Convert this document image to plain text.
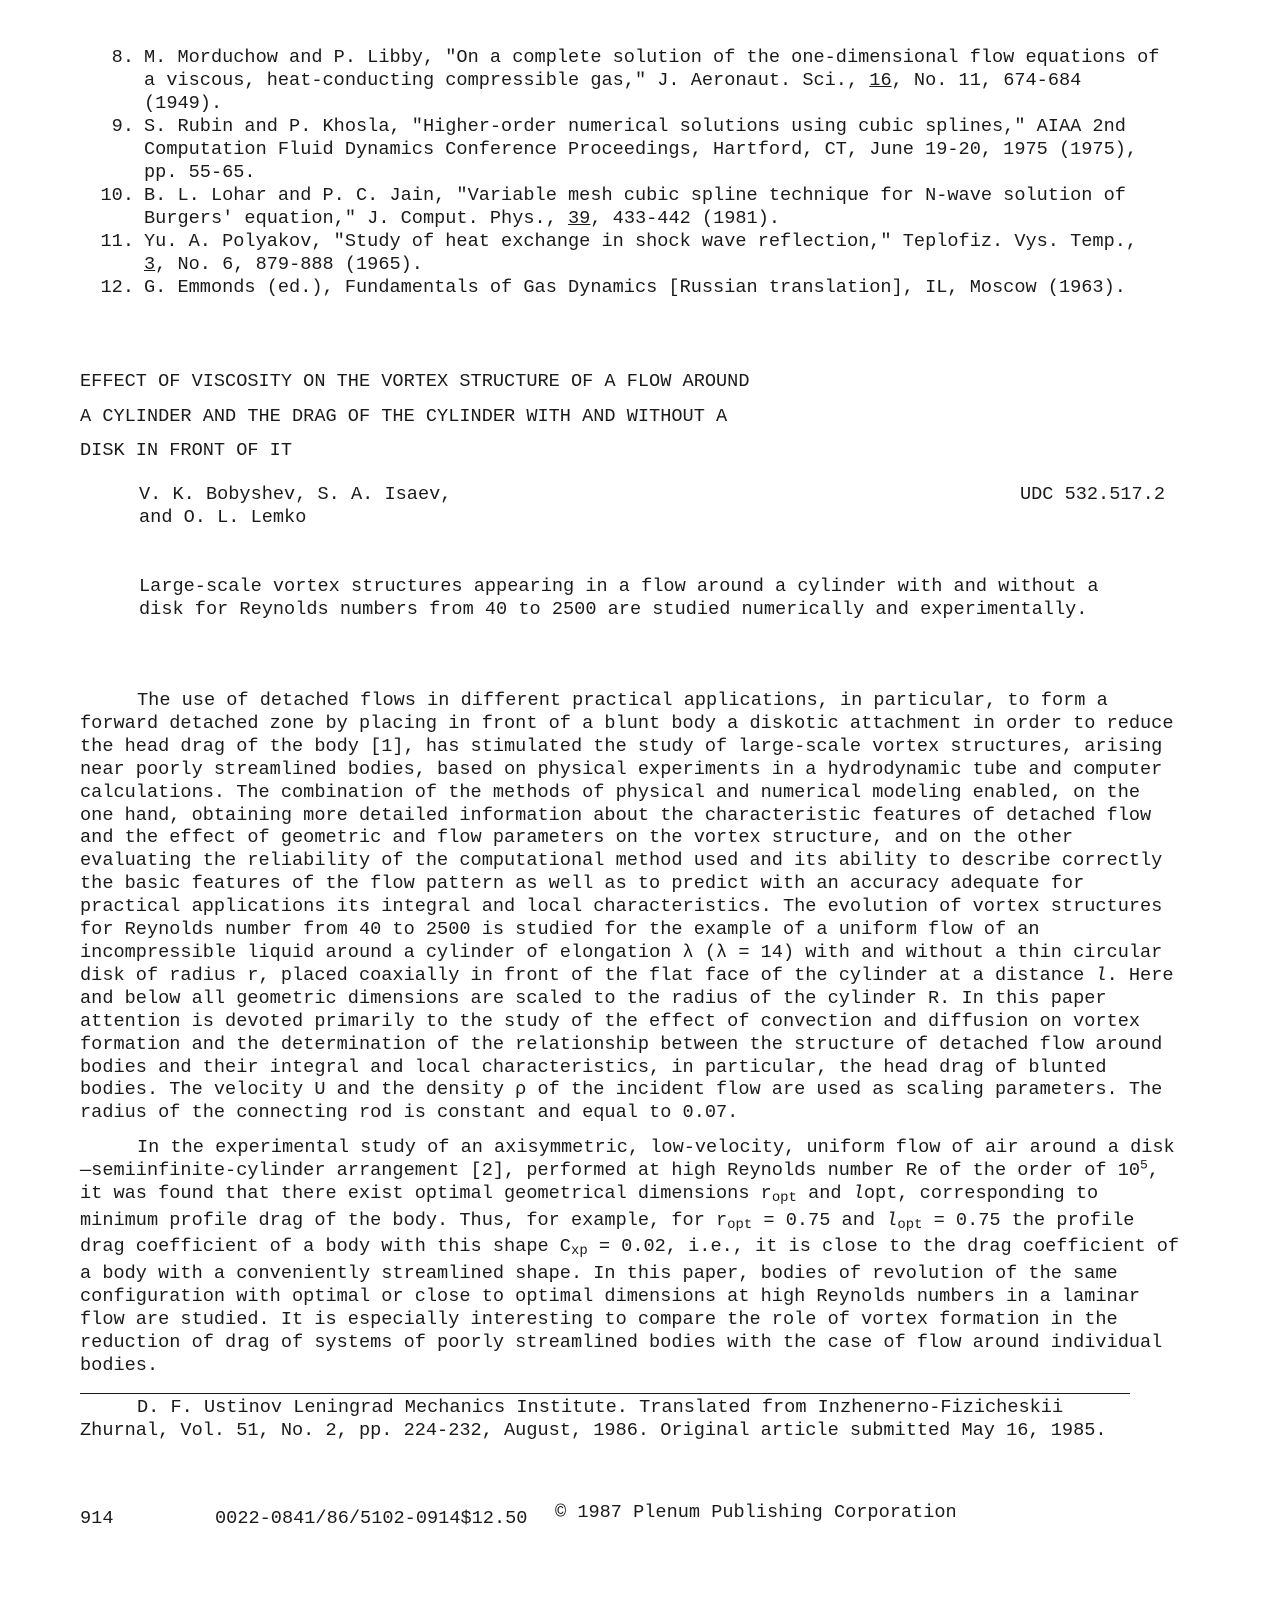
8. M. Morduchow and P. Libby, "On a complete solution of the one-dimensional flow equations of a viscous, heat-conducting compressible gas," J. Aeronaut. Sci., 16, No. 11, 674-684 (1949).
9. S. Rubin and P. Khosla, "Higher-order numerical solutions using cubic splines," AIAA 2nd Computation Fluid Dynamics Conference Proceedings, Hartford, CT, June 19-20, 1975 (1975), pp. 55-65.
10. B. L. Lohar and P. C. Jain, "Variable mesh cubic spline technique for N-wave solution of Burgers' equation," J. Comput. Phys., 39, 433-442 (1981).
11. Yu. A. Polyakov, "Study of heat exchange in shock wave reflection," Teplofiz. Vys. Temp., 3, No. 6, 879-888 (1965).
12. G. Emmonds (ed.), Fundamentals of Gas Dynamics [Russian translation], IL, Moscow (1963).
EFFECT OF VISCOSITY ON THE VORTEX STRUCTURE OF A FLOW AROUND
A CYLINDER AND THE DRAG OF THE CYLINDER WITH AND WITHOUT A
DISK IN FRONT OF IT
V. K. Bobyshev, S. A. Isaev,
and O. L. Lemko
UDC 532.517.2
Large-scale vortex structures appearing in a flow around a cylinder with and without a disk for Reynolds numbers from 40 to 2500 are studied numerically and experimentally.

The use of detached flows in different practical applications, in particular, to form a forward detached zone by placing in front of a blunt body a diskotic attachment in order to reduce the head drag of the body [1], has stimulated the study of large-scale vortex structures, arising near poorly streamlined bodies, based on physical experiments in a hydrodynamic tube and computer calculations. The combination of the methods of physical and numerical modeling enabled, on the one hand, obtaining more detailed information about the characteristic features of detached flow and the effect of geometric and flow parameters on the vortex structure, and on the other evaluating the reliability of the computational method used and its ability to describe correctly the basic features of the flow pattern as well as to predict with an accuracy adequate for practical applications its integral and local characteristics. The evolution of vortex structures for Reynolds number from 40 to 2500 is studied for the example of a uniform flow of an incompressible liquid around a cylinder of elongation λ (λ = 14) with and without a thin circular disk of radius r, placed coaxially in front of the flat face of the cylinder at a distance l. Here and below all geometric dimensions are scaled to the radius of the cylinder R. In this paper attention is devoted primarily to the study of the effect of convection and diffusion on vortex formation and the determination of the relationship between the structure of detached flow around bodies and their integral and local characteristics, in particular, the head drag of blunted bodies. The velocity U and the density ρ of the incident flow are used as scaling parameters. The radius of the connecting rod is constant and equal to 0.07.

In the experimental study of an axisymmetric, low-velocity, uniform flow of air around a disk—semiinfinite-cylinder arrangement [2], performed at high Reynolds number Re of the order of $10^5$, it was found that there exist optimal geometrical dimensions $r_{opt}$ and lopt, corresponding to minimum profile drag of the body. Thus, for example, for $r_{opt} = 0.75$ and $l_{opt} = 0.75$ the profile drag coefficient of a body with this shape $C_{xp} = 0.02$, i.e., it is close to the drag coefficient of a body with a conveniently streamlined shape. In this paper, bodies of revolution of the same configuration with optimal or close to optimal dimensions at high Reynolds numbers in a laminar flow are studied. It is especially interesting to compare the role of vortex formation in the reduction of drag of systems of poorly streamlined bodies with the case of flow around individual bodies.

D. F. Ustinov Leningrad Mechanics Institute. Translated from Inzhenerno-Fizicheskii Zhurnal, Vol. 51, No. 2, pp. 224-232, August, 1986. Original article submitted May 16, 1985.
914	0022-0841/86/5102-0914$12.50 © 1987 Plenum Publishing Corporation
